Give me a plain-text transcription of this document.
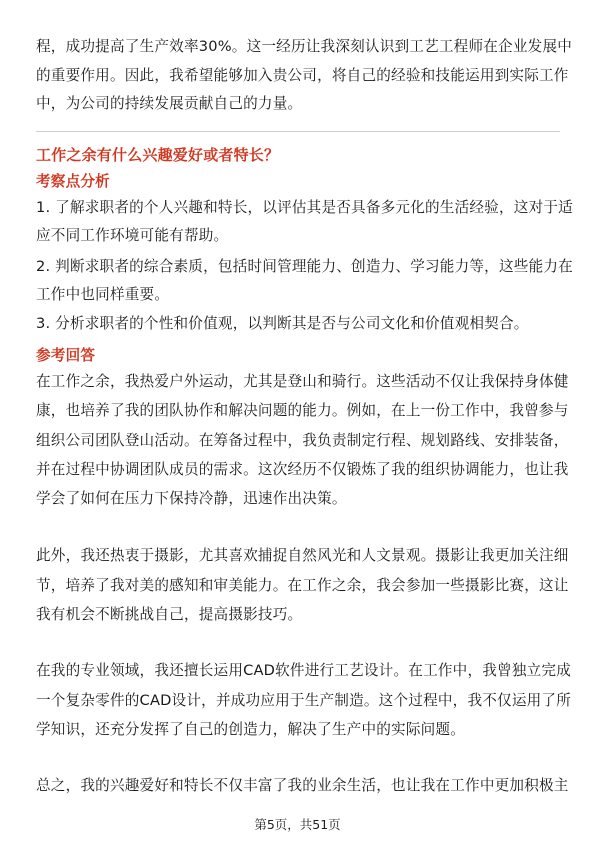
程，成功提高了生产效率30%。这一经历让我深刻认识到工艺工程师在企业发展中
的重要作用。因此，我希望能够加入贵公司，将自己的经验和技能运用到实际工作
中，为公司的持续发展贡献自己的力量。
工作之余有什么兴趣爱好或者特长？
考察点分析
1. 了解求职者的个人兴趣和特长，以评估其是否具备多元化的生活经验，这对于适
应不同工作环境可能有帮助。
2. 判断求职者的综合素质，包括时间管理能力、创造力、学习能力等，这些能力在
工作中也同样重要。
3. 分析求职者的个性和价值观，以判断其是否与公司文化和价值观相契合。
参考回答
在工作之余，我热爱户外运动，尤其是登山和骑行。这些活动不仅让我保持身体健
康，也培养了我的团队协作和解决问题的能力。例如，在上一份工作中，我曾参与
组织公司团队登山活动。在筹备过程中，我负责制定行程、规划路线、安排装备，
并在过程中协调团队成员的需求。这次经历不仅锻炼了我的组织协调能力，也让我
学会了如何在压力下保持冷静，迅速作出决策。
此外，我还热衷于摄影，尤其喜欢捕捉自然风光和人文景观。摄影让我更加关注细
节，培养了我对美的感知和审美能力。在工作之余，我会参加一些摄影比赛，这让
我有机会不断挑战自己，提高摄影技巧。
在我的专业领域，我还擅长运用CAD软件进行工艺设计。在工作中，我曾独立完成
一个复杂零件的CAD设计，并成功应用于生产制造。这个过程中，我不仅运用了所
学知识，还充分发挥了自己的创造力，解决了生产中的实际问题。
总之，我的兴趣爱好和特长不仅丰富了我的业余生活，也让我在工作中更加积极主
第5页，共51页
